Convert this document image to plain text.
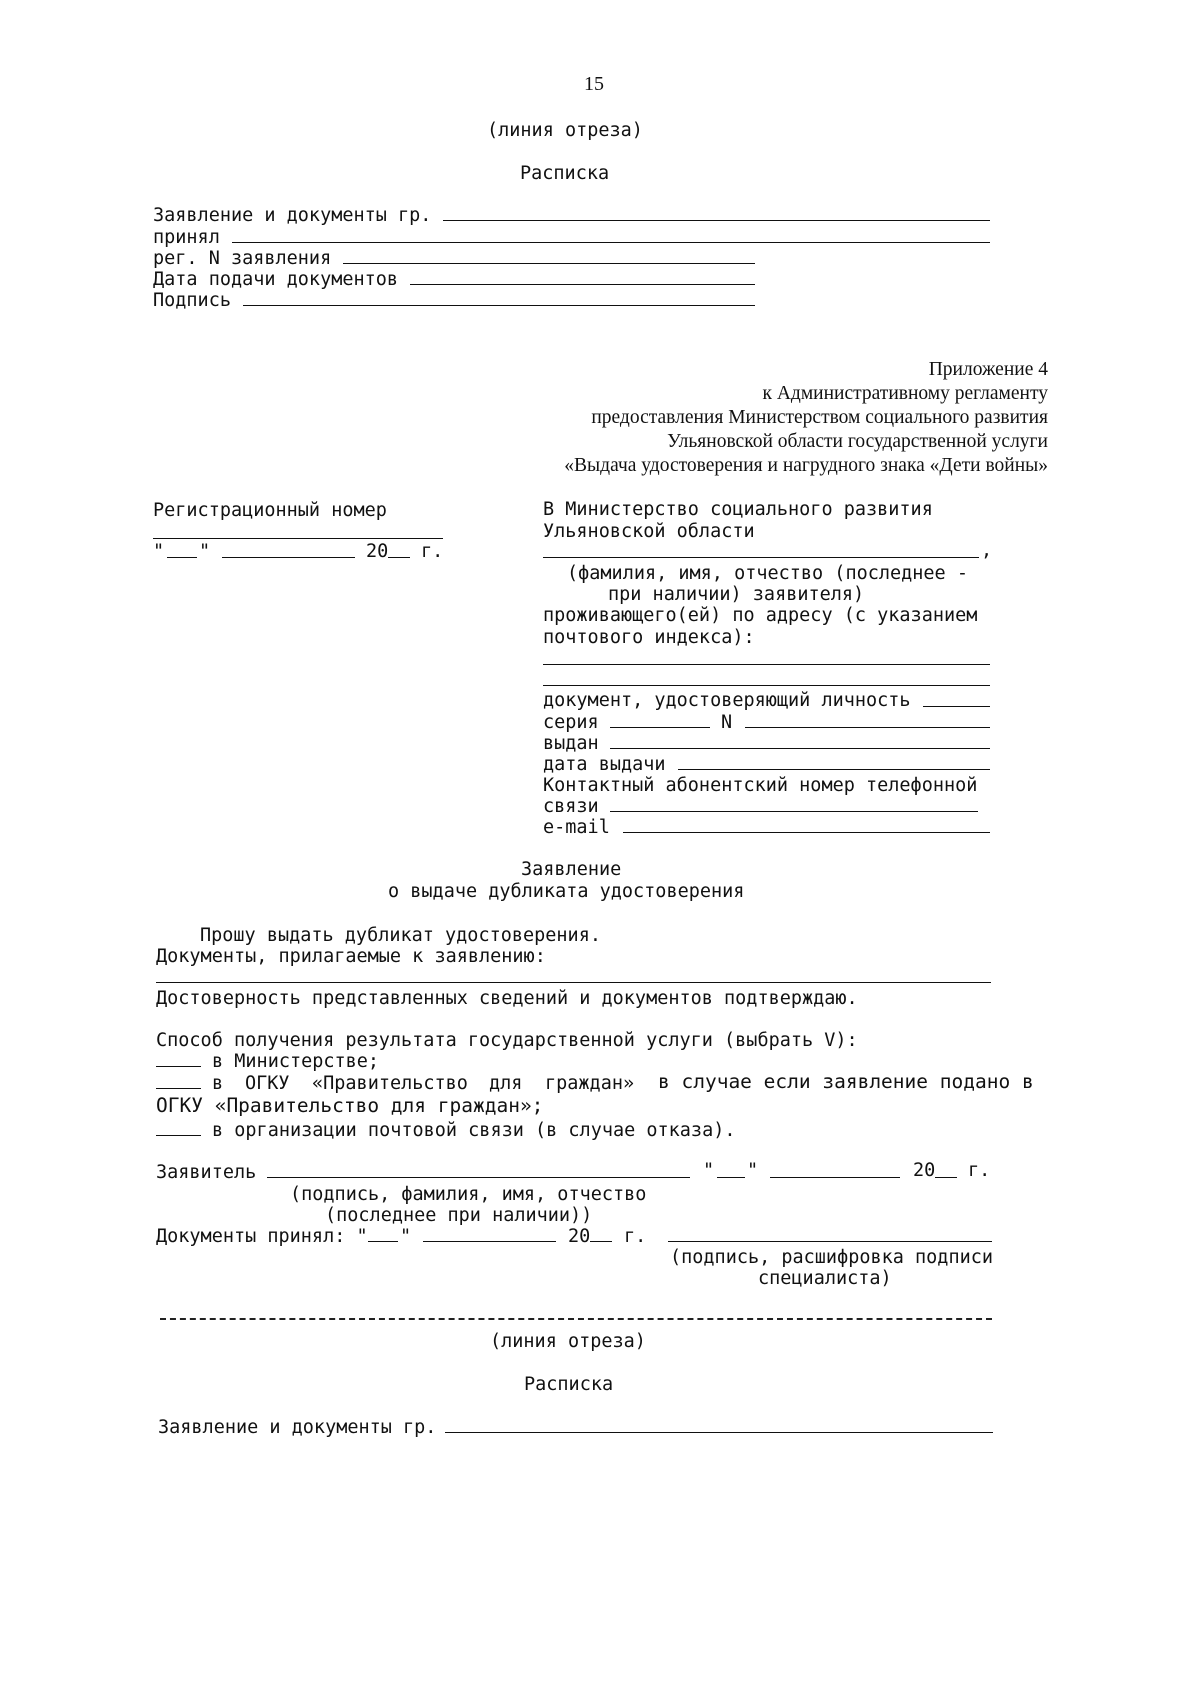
15
(линия отреза)
Расписка
Заявление и документы гр.
принял
рег. N заявления
Дата подачи документов
Подпись
Приложение 4
к Административному регламенту
предоставления Министерством социального развития
Ульяновской области государственной услуги
«Выдача удостоверения и нагрудного знака «Дети войны»
Регистрационный номер
" "	20 г.
В Министерство социального развития
Ульяновской области
,
(фамилия, имя, отчество (последнее -
при наличии) заявителя)
проживающего(ей) по адресу (с указанием
почтового индекса):
документ, удостоверяющий личность
серия	N
выдан
дата выдачи
Контактный абонентский номер телефонной
связи
e-mail
Заявление
о выдаче дубликата удостоверения
Прошу выдать дубликат удостоверения.
Документы, прилагаемые к заявлению:
Достоверность представленных сведений и документов подтверждаю.
Способ получения результата государственной услуги (выбрать V):
в Министерстве;
в ОГКУ «Правительство для граждан» в случае если заявление подано в
ОГКУ «Правительство для граждан»;
в организации почтовой связи (в случае отказа).
Заявитель	" "	20 г.
(подпись, фамилия, имя, отчество
(последнее при наличии))
Документы принял: " "	20 г.
(подпись, расшифровка подписи
специалиста)
(линия отреза)
Расписка
Заявление и документы гр.
